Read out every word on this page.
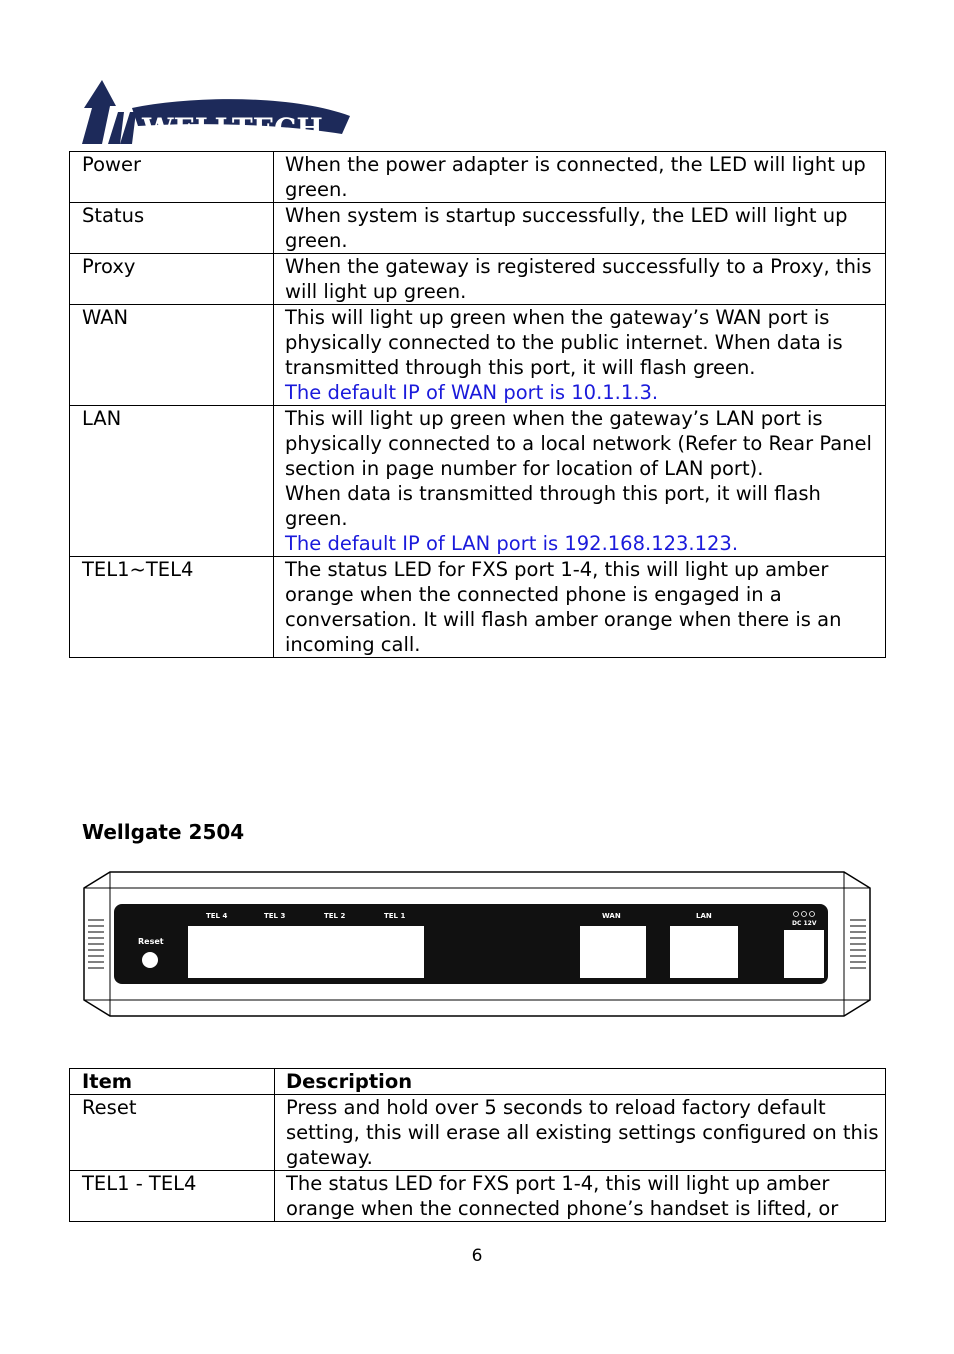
WELLTECH
Power	When the power adapter is connected, the LED will light up green.

Status	When system is startup successfully, the LED will light up green.

Proxy	When the gateway is registered successfully to a Proxy, this will light up green.

WAN	This will light up green when the gateway’s WAN port is physically connected to the public internet. When data is transmitted through this port, it will flash green.
The default IP of WAN port is 10.1.1.3.

LAN	This will light up green when the gateway’s LAN port is physically connected to a local network (Refer to Rear Panel section in page number for location of LAN port).
When data is transmitted through this port, it will flash green.
The default IP of LAN port is 192.168.123.123.

TEL1~TEL4	The status LED for FXS port 1-4, this will light up amber orange when the connected phone is engaged in a conversation. It will flash amber orange when there is an incoming call.
Wellgate 2504
Reset
TEL 4	TEL 3	TEL 2	TEL 1	WAN	LAN
DC 12V
Item	Description
Reset	Press and hold over 5 seconds to reload factory default setting, this will erase all existing settings configured on this gateway.
TEL1 - TEL4	The status LED for FXS port 1-4, this will light up amber orange when the connected phone’s handset is lifted, or
6
